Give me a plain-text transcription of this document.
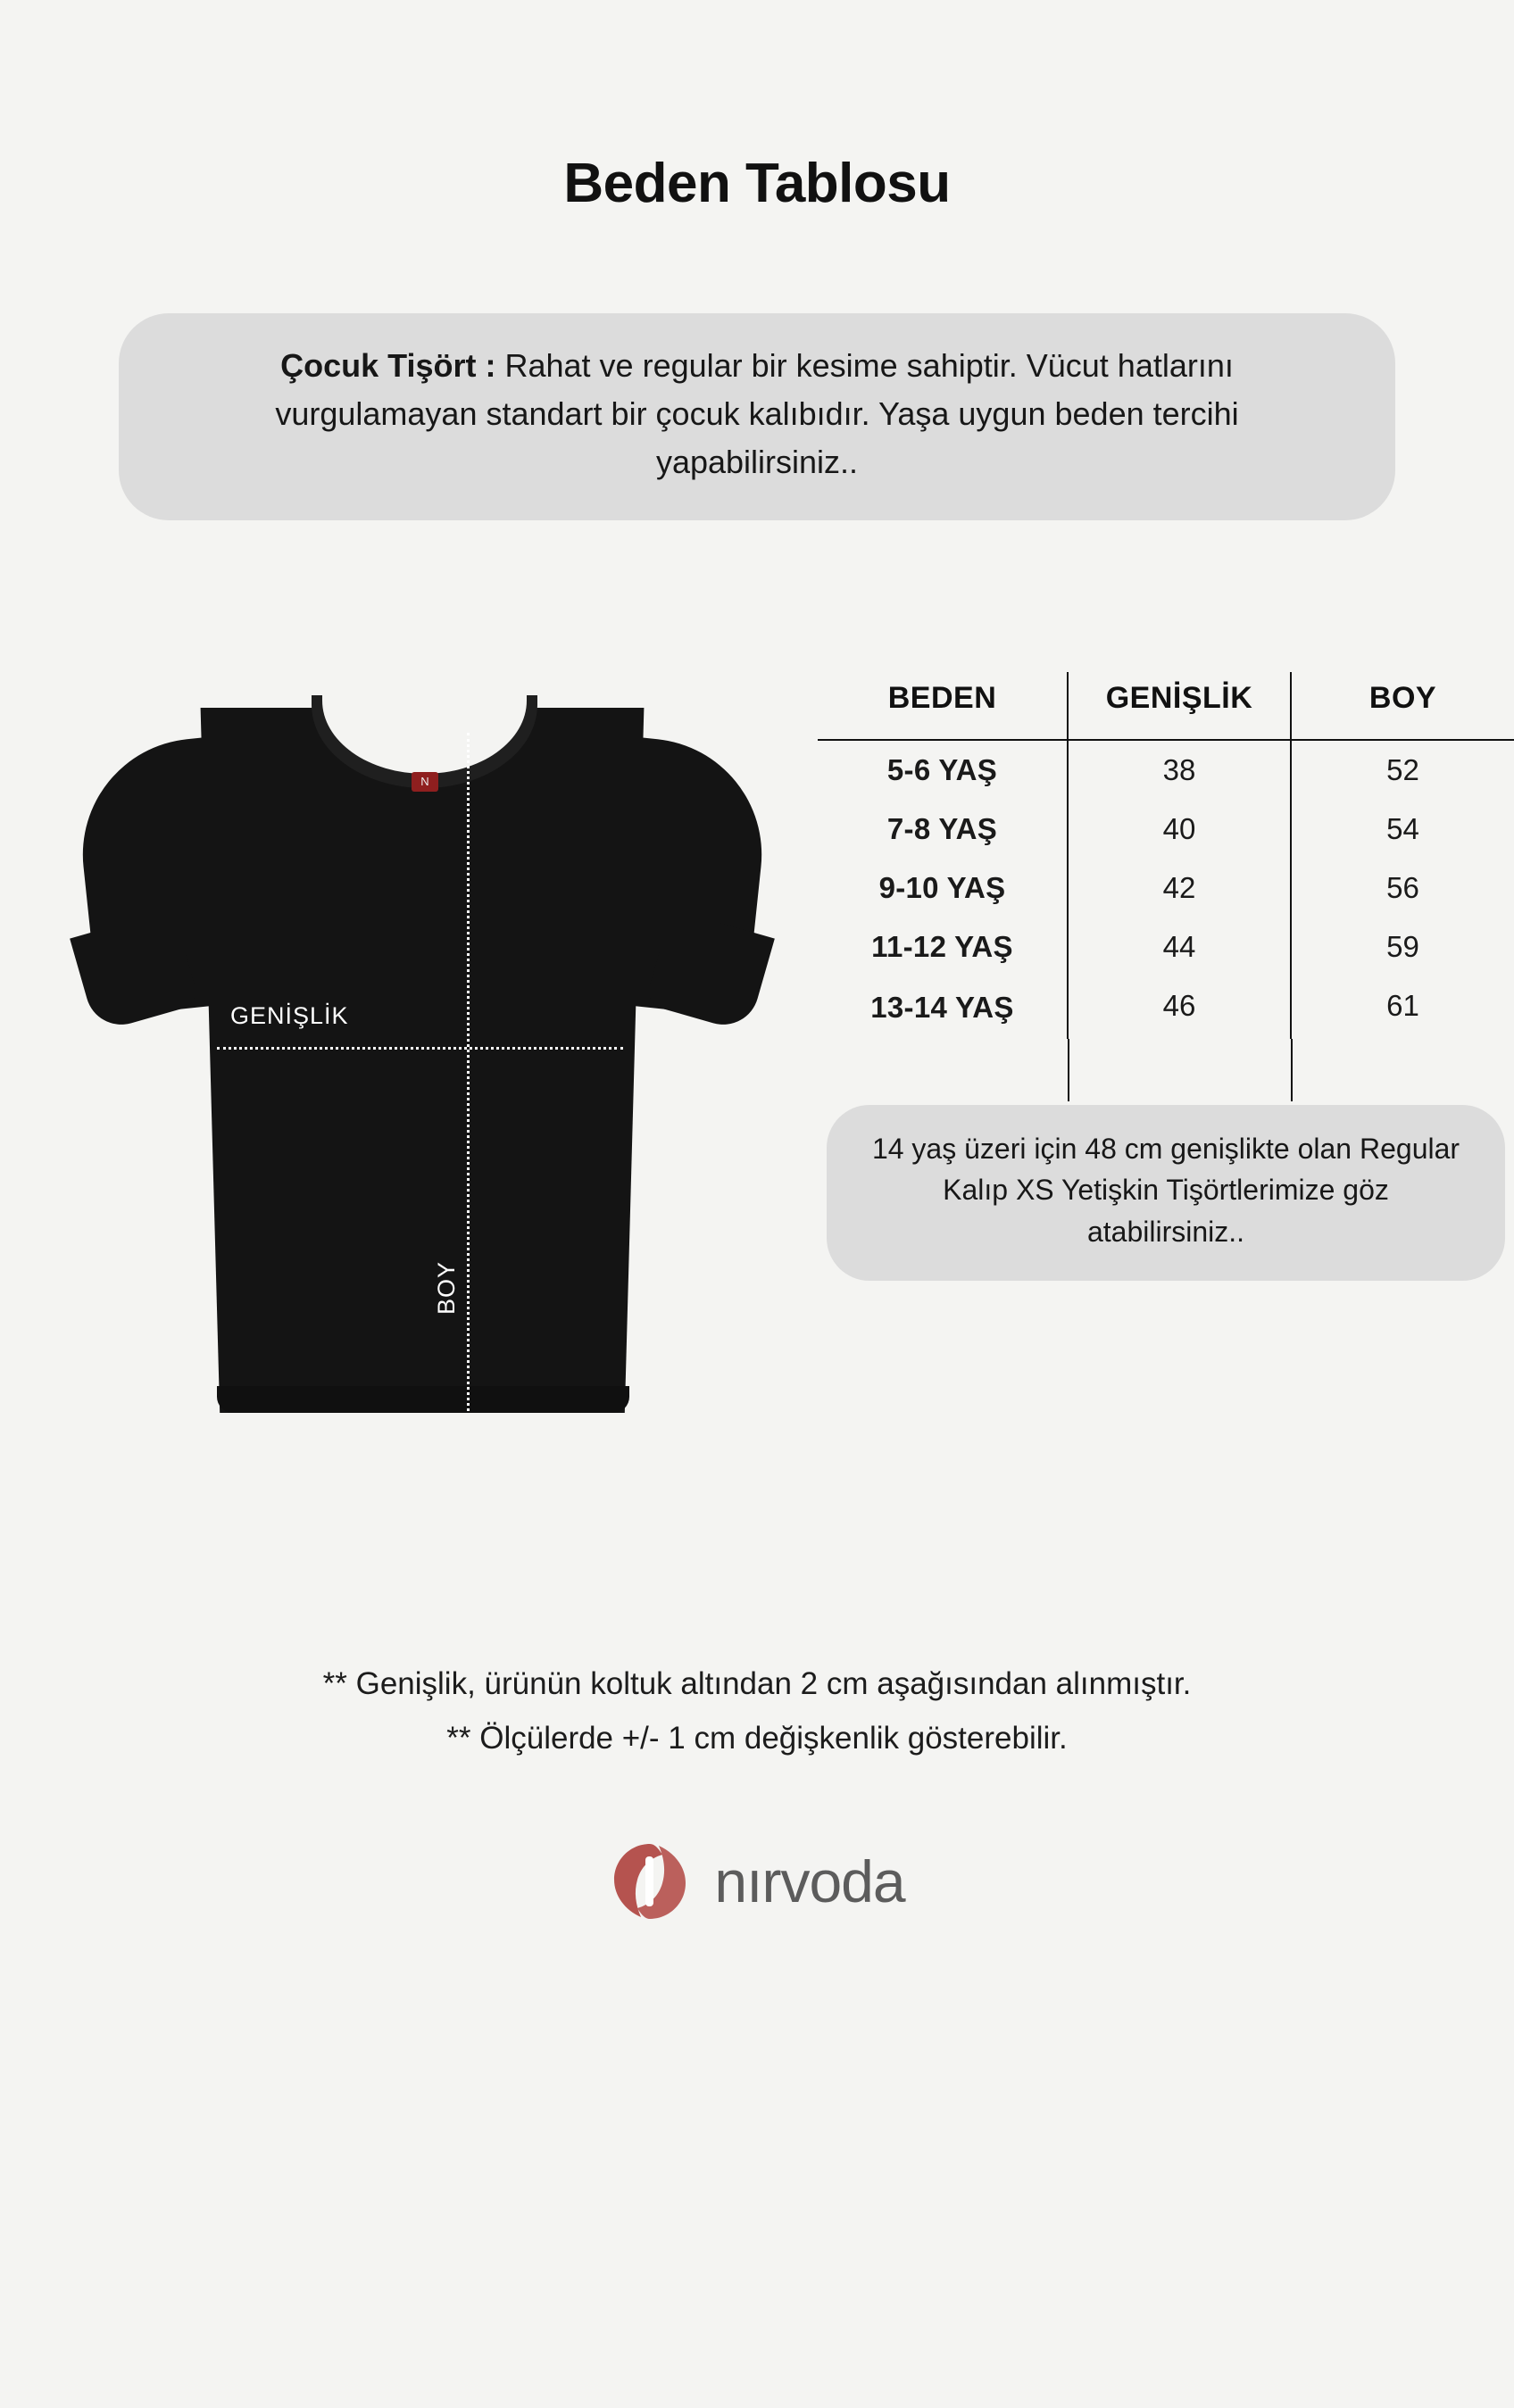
Beden Tablosu
Çocuk Tişört : Rahat ve regular bir kesime sahiptir. Vücut hatlarını vurgulamayan standart bir çocuk kalıbıdır. Yaşa uygun beden tercihi yapabilirsiniz..
N
GENİŞLİK
BOY
BEDEN	GENİŞLİK	BOY
5-6 YAŞ	38	52
7-8 YAŞ	40	54
9-10 YAŞ	42	56
11-12 YAŞ	44	59
13-14 YAŞ	46	61

14 yaş üzeri için 48 cm genişlikte olan Regular Kalıp XS Yetişkin Tişörtlerimize göz atabilirsiniz..

** Genişlik, ürünün koltuk altından 2 cm aşağısından alınmıştır.

** Ölçülerde +/- 1 cm değişkenlik gösterebilir.

nırvoda
